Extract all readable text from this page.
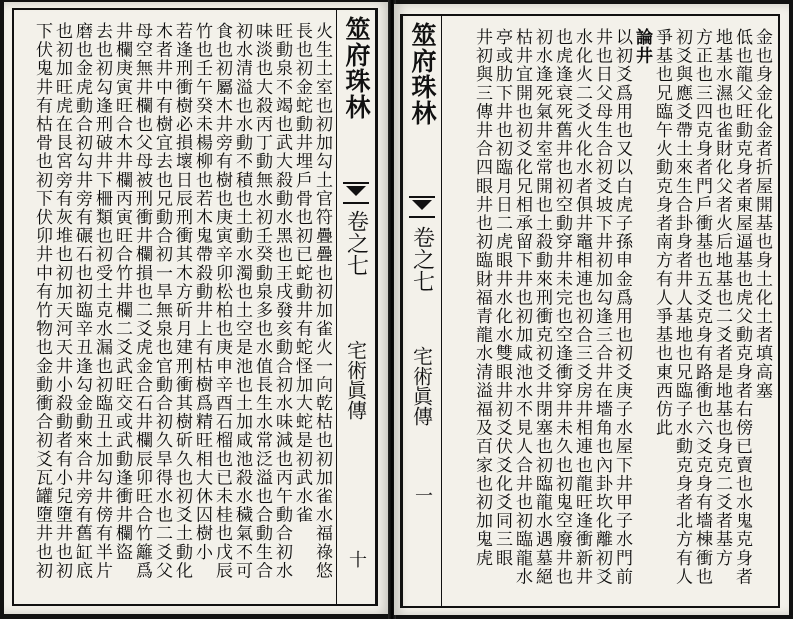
筮府珠林
卷之七
宅術眞傳
十
火生土室也初加勾土官符疊疊也初加雀火一向乾枯也初加雀水福祿悠
長也初金蛇動井埋戶骨也初已蛇動井有蛇怪加大蛇是初武水雀
旺動泉不竭也武大殺動水黑也王戌發亥動合初水味減也丙午動合初水
味淡也大殺丙丁動無水初壬癸動泉多也水值長生水常泛溢也合動生合
初水清溢也水動不積也土動水濁也土空是池也土加咸池殺水穢氣不可
食也初屬木井旁有樹也庚寅辛卯松柏也庚申辛酉石榴也已未桂也戊辰
竹也壬午癸未楊柳也若木鬼帶殺動井上有枯樹爲精旺相大休囚樹小
若逢刑衝樹必損壞日辰刑衝其木方斫月建刑衝其樹斫久也初爻土動化
木者井中有樹宜去也兄動合初一旱無泉也官動合初久旱得水也二爻父
母空無井欄也父母被刑衝井欄損也二爻虎金合石井欄辰卯旺合竹籬爲
井欄庚寅旺合木井欄丙寅旺合竹井欄二爻武旺交或武動逢衝井欄盜
去也初勾逢刑破井下柵類也初受土克水漏也初臨丑土加勾井傍有半片
磨也金虎動合初勾井旁有碾石也初臨辛丑逢勾金動來合井旁有舊缸底
也初加旺虎在艮宮旁有灰堆也初加天河天井小殺動者有小兒墮井也初
下伏鬼井有枯骨也初下伏卯井中有竹物也金動衝合初爻瓦罐墮井也初	筮府珠林
卷之七
宅術眞傳
一
金也身金化金者折屋開基也身土化土者填高塞
低也龍父旺動克身者東屋逼基也虎父動克身者右傍已賣也水鬼克身者
地基水濕也雀財化父者火后地基也二爻者是地基也身克二爻者基方
方正也三四克身者門戶衝基也五爻克身有路衝也六爻克身有墻棟衝也
初爻與應爻帶土來生合卦身者井人基地也兄臨子水動克身者北方有人
爭基也兄臨午火動克身者南方有人爭基也東西仿此
論井
以初爻爲用也又以白虎子孫申金爲用也初爻庚子水屋下井甲子水門前
井也日父母生合初爻坡下井初加勾逢三合井在墻角也內卦坎化離初爻
水化火二爻火化水者俱井竈相連也初合三爻房井相連也龍旺逢衝新井
也虎逢衰死舊井也初空動穿井未完也空逢衝穿井未久也初鬼空廢井也
初水逢死氣井室常開也土殺動來刑衝克初爻井閉塞也初臨龍水遇墓絕
枯井宜開也初爻化兄相承留下井也初加咸池水不見人合井也初臨龍水
亭或肋下井也初臨月日二虎眼井水化水雙眼井初爻伏爻化爻同三眼
井初與三傳井合四眼井也初臨財福青龍水清溢福及百家也初加鬼虎
